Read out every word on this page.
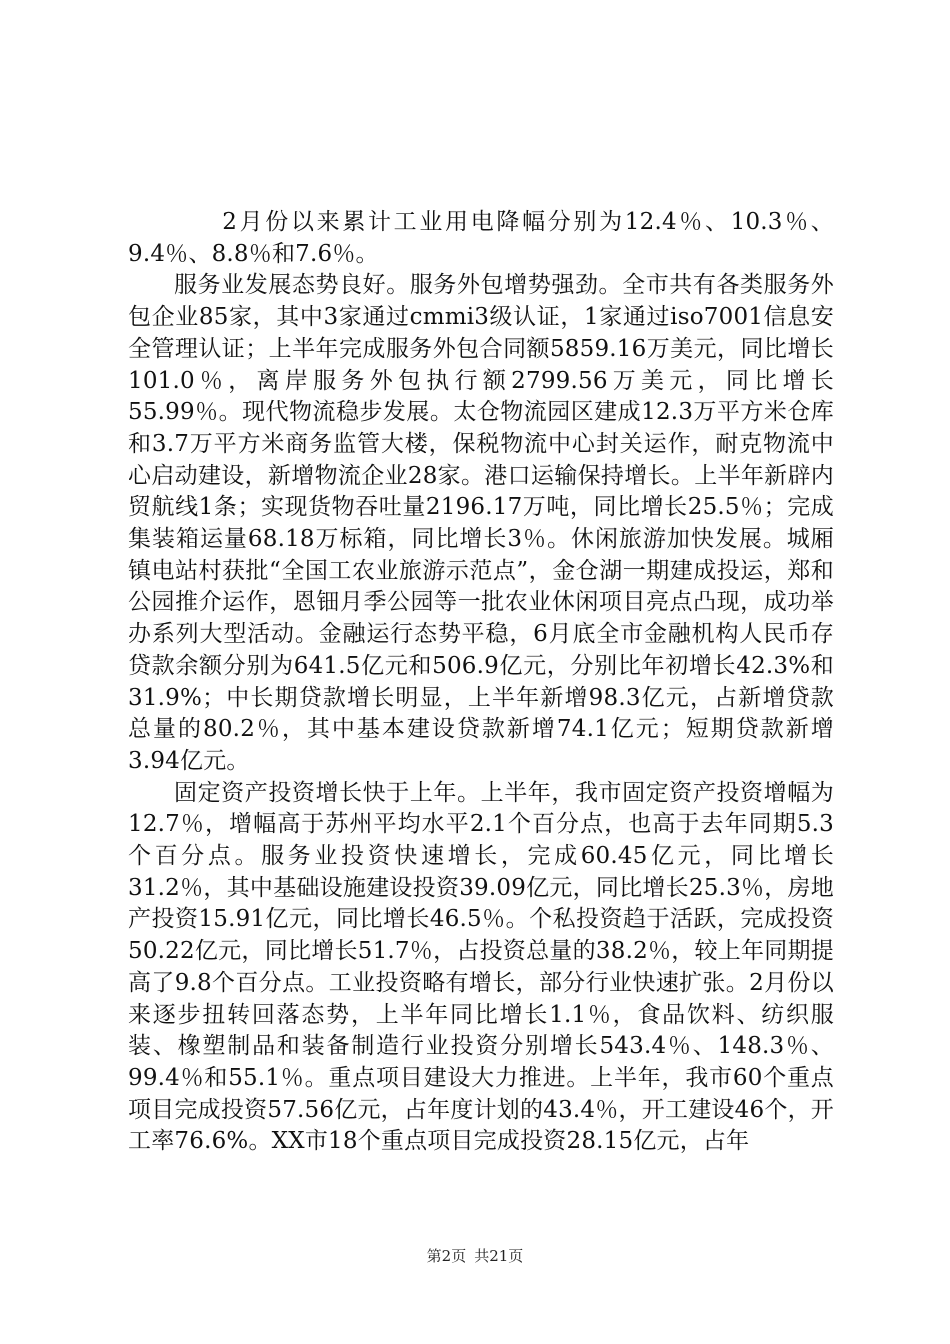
2月份以来累计工业用电降幅分别为12.4％、10.3％、9.4％、8.8％和7.6％。

服务业发展态势良好。服务外包增势强劲。全市共有各类服务外包企业85家，其中3家通过cmmi3级认证，1家通过iso7001信息安全管理认证；上半年完成服务外包合同额5859.16万美元，同比增长101.0％，离岸服务外包执行额2799.56万美元，同比增长55.99％。现代物流稳步发展。太仓物流园区建成12.3万平方米仓库和3.7万平方米商务监管大楼，保税物流中心封关运作，耐克物流中心启动建设，新增物流企业28家。港口运输保持增长。上半年新辟内贸航线1条；实现货物吞吐量2196.17万吨，同比增长25.5％；完成集装箱运量68.18万标箱，同比增长3％。休闲旅游加快发展。城厢镇电站村获批“全国工农业旅游示范点”，金仓湖一期建成投运，郑和公园推介运作，恩钿月季公园等一批农业休闲项目亮点凸现，成功举办系列大型活动。金融运行态势平稳，6月底全市金融机构人民币存贷款余额分别为641.5亿元和506.9亿元，分别比年初增长42.3%和31.9%；中长期贷款增长明显，上半年新增98.3亿元，占新增贷款总量的80.2％，其中基本建设贷款新增74.1亿元；短期贷款新增3.94亿元。

固定资产投资增长快于上年。上半年，我市固定资产投资增幅为12.7％，增幅高于苏州平均水平2.1个百分点，也高于去年同期5.3个百分点。服务业投资快速增长，完成60.45亿元，同比增长31.2％，其中基础设施建设投资39.09亿元，同比增长25.3％，房地产投资15.91亿元，同比增长46.5％。个私投资趋于活跃，完成投资50.22亿元，同比增长51.7％，占投资总量的38.2％，较上年同期提高了9.8个百分点。工业投资略有增长，部分行业快速扩张。2月份以来逐步扭转回落态势，上半年同比增长1.1％，食品饮料、纺织服装、橡塑制品和装备制造行业投资分别增长543.4％、148.3％、99.4％和55.1％。重点项目建设大力推进。上半年，我市60个重点项目完成投资57.56亿元，占年度计划的43.4％，开工建设46个，开工率76.6%。XX市18个重点项目完成投资28.15亿元，占年

第2页 共21页
